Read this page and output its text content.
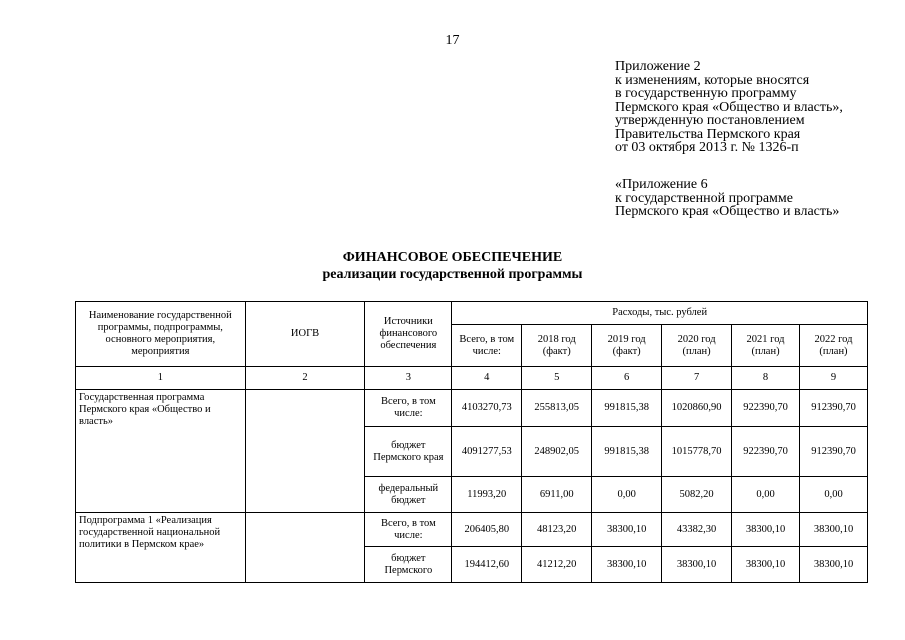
17
Приложение 2
к изменениям, которые вносятся
в государственную программу
Пермского края «Общество и власть»,
утвержденную постановлением
Правительства Пермского края
от 03 октября 2013 г. № 1326-п
«Приложение 6
к государственной программе
Пермского края «Общество и власть»
ФИНАНСОВОЕ ОБЕСПЕЧЕНИЕ
реализации государственной программы
Наименование государственной программы, подпрограммы, основного мероприятия, мероприятия	ИОГВ	Источники финансового обеспечения	Расходы, тыс. рублей					
			Всего, в том числе:	2018 год (факт)	2019 год (факт)	2020 год (план)	2021 год (план)	2022 год (план)
1	2	3	4	5	6	7	8	9
Государственная программа Пермского края «Общество и власть»		Всего, в том числе:	4103270,73	255813,05	991815,38	1020860,90	922390,70	912390,70
		бюджет Пермского края	4091277,53	248902,05	991815,38	1015778,70	922390,70	912390,70
		федеральный бюджет	11993,20	6911,00	0,00	5082,20	0,00	0,00
Подпрограмма 1 «Реализация государственной национальной политики в Пермском крае»		Всего, в том числе:	206405,80	48123,20	38300,10	43382,30	38300,10	38300,10
		бюджет Пермского	194412,60	41212,20	38300,10	38300,10	38300,10	38300,10
